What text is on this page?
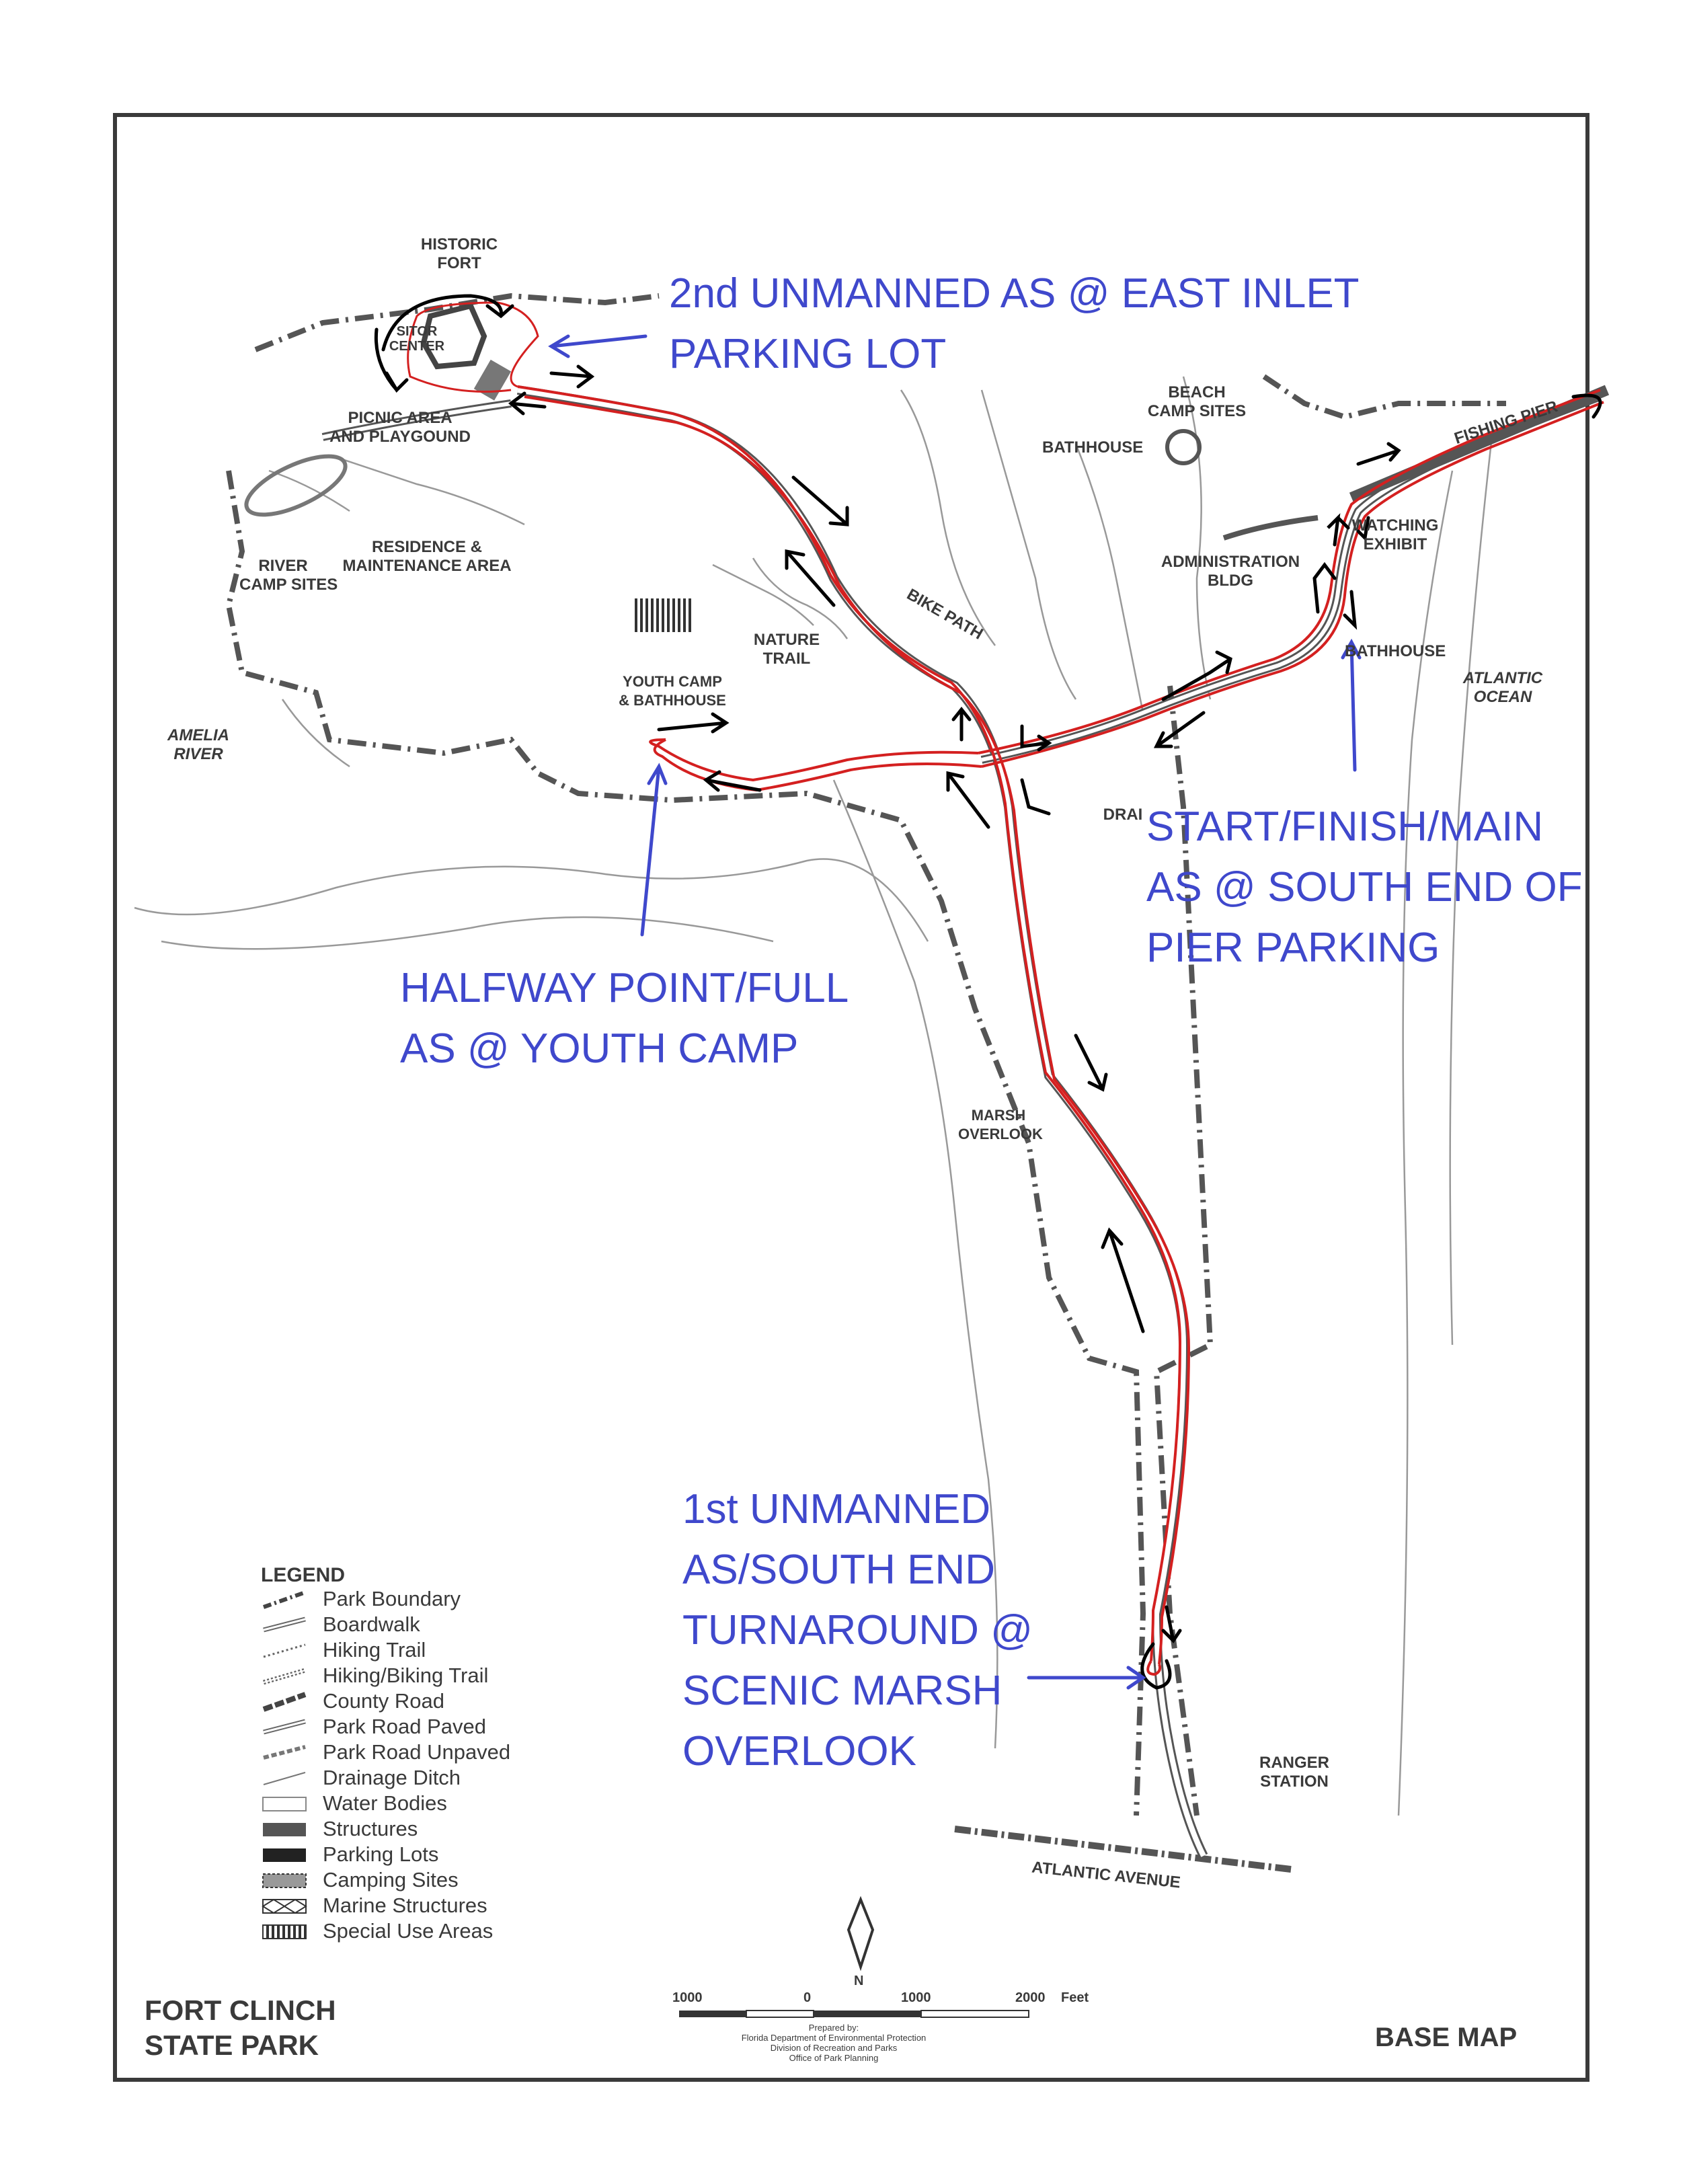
HISTORIC
FORT
SITOR
CENTER
PICNIC AREA
AND PLAYGOUND
RIVER
CAMP SITES
RESIDENCE &
MAINTENANCE AREA
NATURE
TRAIL
YOUTH CAMP
& BATHHOUSE
AMELIA
RIVER
BIKE PATH
BEACH
CAMP SITES
BATHHOUSE
ADMINISTRATION
BLDG
WATCHING
EXHIBIT
BATHHOUSE
FISHING PIER
ATLANTIC
OCEAN
DRAI
MARSH
OVERLOOK
RANGER
STATION
ATLANTIC AVENUE
2nd UNMANNED AS @ EAST INLET
PARKING LOT
START/FINISH/MAIN
AS @ SOUTH END OF
PIER PARKING
HALFWAY POINT/FULL
AS @ YOUTH CAMP
1st UNMANNED
AS/SOUTH END
TURNAROUND @
SCENIC MARSH
OVERLOOK
LEGEND
Park Boundary
Boardwalk
Hiking Trail
Hiking/Biking Trail
County Road
Park Road Paved
Park Road Unpaved
Drainage Ditch
Water Bodies
Structures
Parking Lots
Camping Sites
Marine Structures
Special Use Areas
N
1000	0	1000	2000 Feet
Prepared by:
Florida Department of Environmental Protection
Division of Recreation and Parks
Office of Park Planning
FORT CLINCH
STATE PARK	BASE MAP
